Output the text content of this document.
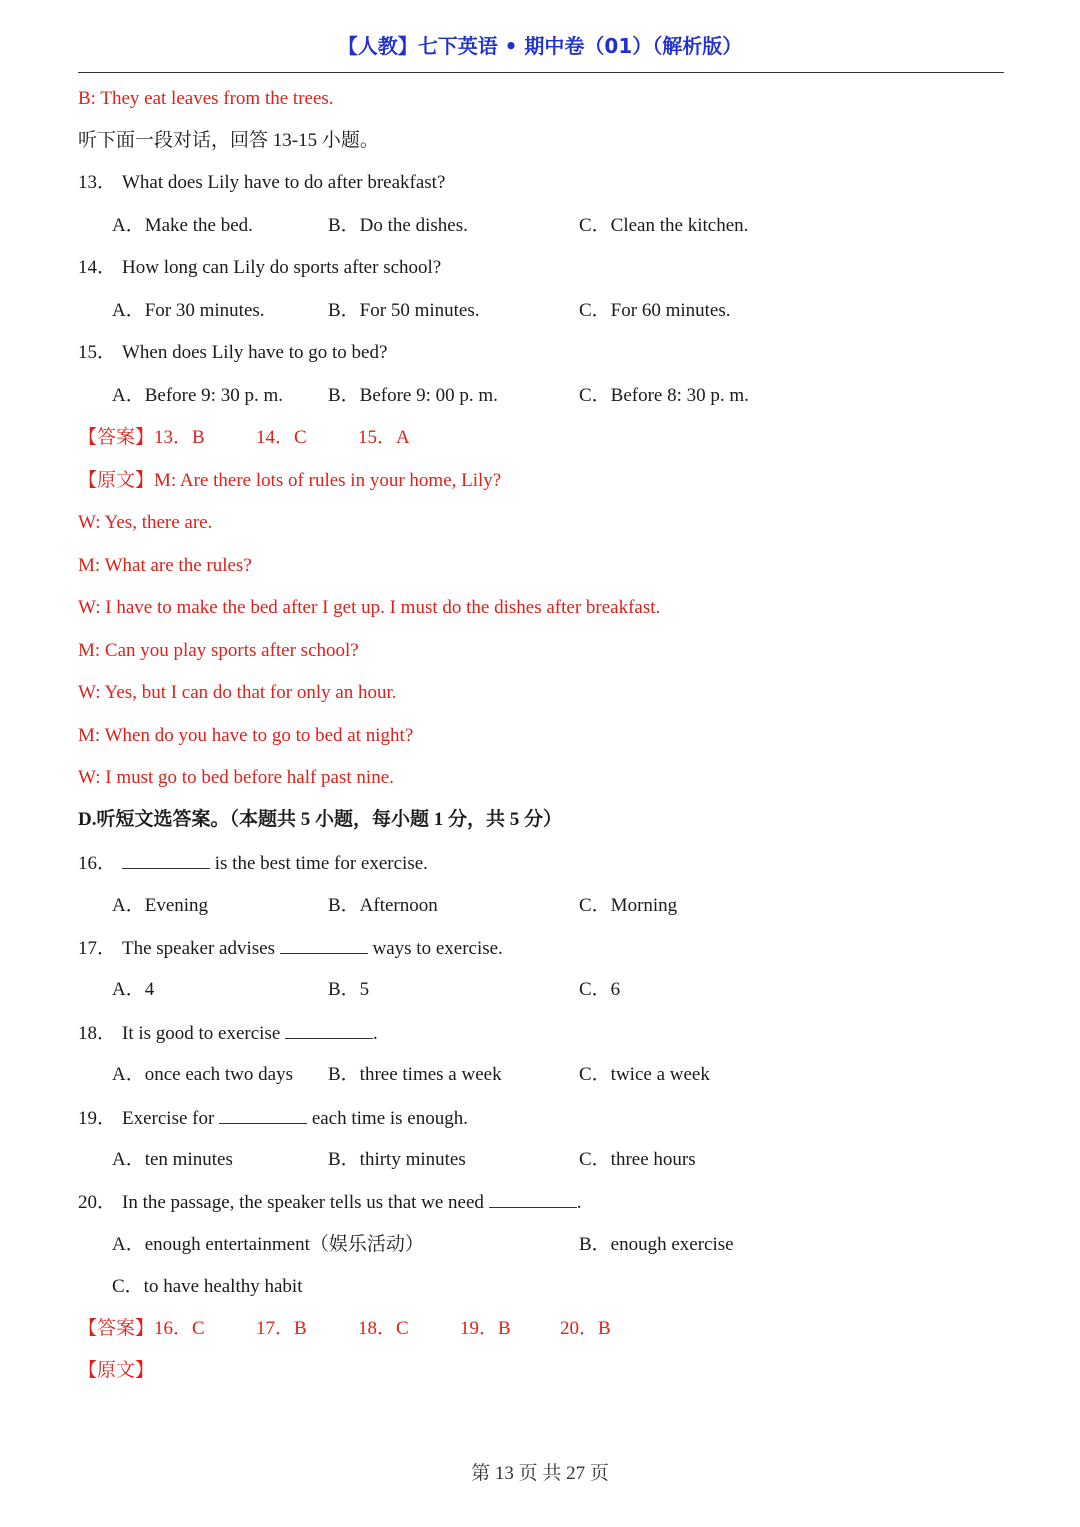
【人教】七下英语 • 期中卷（01）（解析版）
B: They eat leaves from the trees.
听下面一段对话，回答 13-15 小题。
13． What does Lily have to do after breakfast?
A．Make the bed.	B．Do the dishes.	C．Clean the kitchen.
14． How long can Lily do sports after school?
A．For 30 minutes.	B．For 50 minutes.	C．For 60 minutes.
15． When does Lily have to go to bed?
A．Before 9: 30 p. m. B．Before 9: 00 p. m.	C．Before 8: 30 p. m.
【答案】13．B	14．C	15．A
【原文】M: Are there lots of rules in your home, Lily?
W: Yes, there are.
M: What are the rules?
W: I have to make the bed after I get up. I must do the dishes after breakfast.
M: Can you play sports after school?
W: Yes, but I can do that for only an hour.
M: When do you have to go to bed at night?
W: I must go to bed before half past nine.
D.听短文选答案。（本题共 5 小题，每小题 1 分，共 5 分）
16．	is the best time for exercise.
A．Evening	B．Afternoon	C．Morning
17． The speaker advises	ways to exercise.
A．4	B．5	C．6
18． It is good to exercise	.
A．once each two days B．three times a week	C．twice a week
19． Exercise for	each time is enough.
A．ten minutes	B．thirty minutes	C．three hours
20． In the passage, the speaker tells us that we need	.
A．enough entertainment（娱乐活动）	B．enough exercise
C．to have healthy habit
【答案】16．C	17．B	18．C	19．B	20．B
【原文】
第 13 页 共 27 页
